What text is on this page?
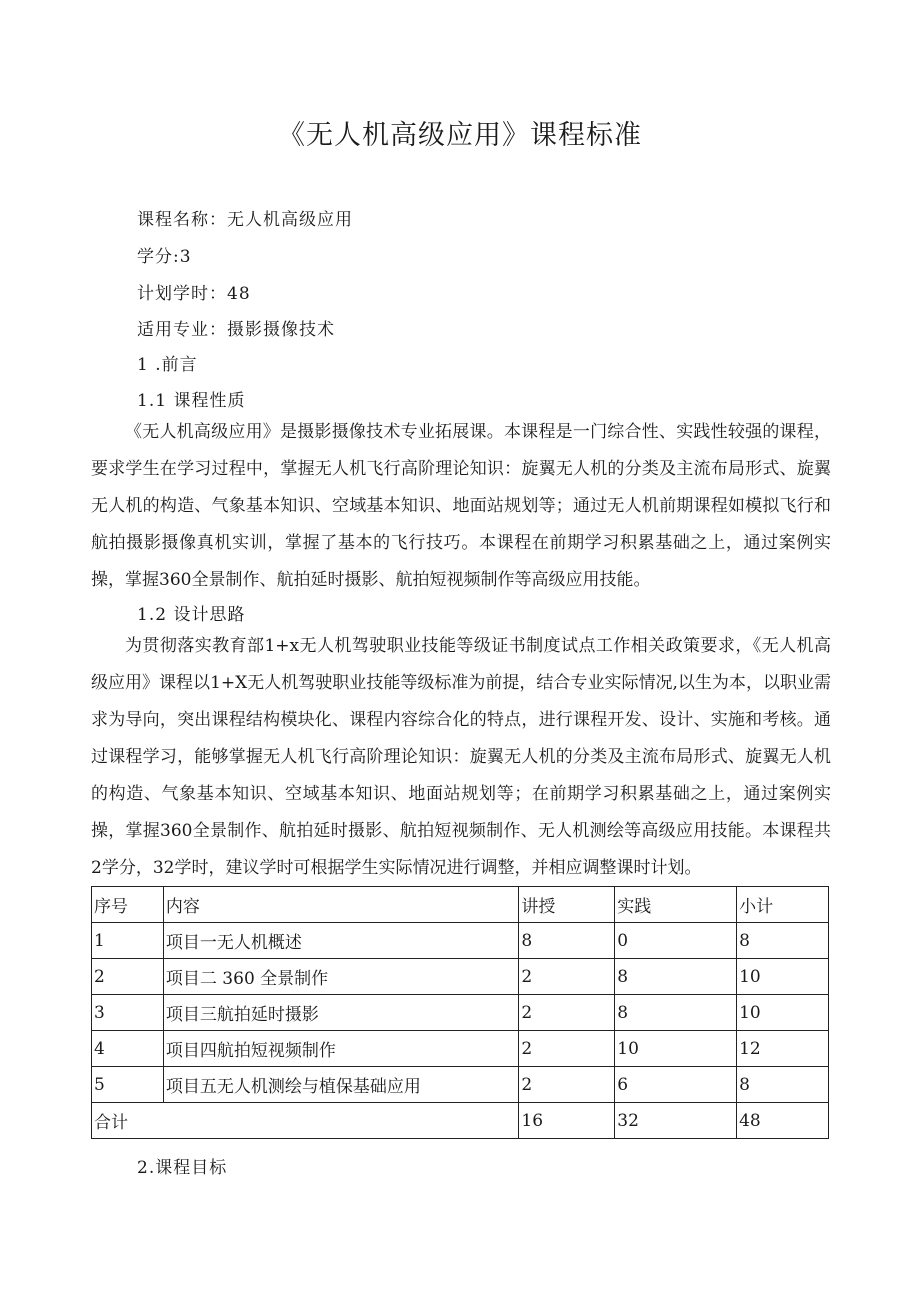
《无人机高级应用》课程标准
课程名称：无人机高级应用
学分:3
计划学时：48
适用专业：摄影摄像技术
1 .前言
1.1 课程性质
《无人机高级应用》是摄影摄像技术专业拓展课。本课程是一门综合性、实践性较强的课程，要求学生在学习过程中，掌握无人机飞行高阶理论知识：旋翼无人机的分类及主流布局形式、旋翼无人机的构造、气象基本知识、空域基本知识、地面站规划等；通过无人机前期课程如模拟飞行和航拍摄影摄像真机实训，掌握了基本的飞行技巧。本课程在前期学习积累基础之上，通过案例实操，掌握360全景制作、航拍延时摄影、航拍短视频制作等高级应用技能。
1.2 设计思路
为贯彻落实教育部1+x无人机驾驶职业技能等级证书制度试点工作相关政策要求，《无人机高级应用》课程以1+X无人机驾驶职业技能等级标准为前提，结合专业实际情况,以生为本，以职业需求为导向，突出课程结构模块化、课程内容综合化的特点，进行课程开发、设计、实施和考核。通过课程学习，能够掌握无人机飞行高阶理论知识：旋翼无人机的分类及主流布局形式、旋翼无人机的构造、气象基本知识、空域基本知识、地面站规划等；在前期学习积累基础之上，通过案例实操，掌握360全景制作、航拍延时摄影、航拍短视频制作、无人机测绘等高级应用技能。本课程共2学分，32学时，建议学时可根据学生实际情况进行调整，并相应调整课时计划。
序号	内容	讲授	实践	小计
1	项目一无人机概述	8	0	8
2	项目二 360 全景制作	2	8	10
3	项目三航拍延时摄影	2	8	10
4	项目四航拍短视频制作	2	10	12
5	项目五无人机测绘与植保基础应用	2	6	8
合计		16	32	48
2.课程目标
